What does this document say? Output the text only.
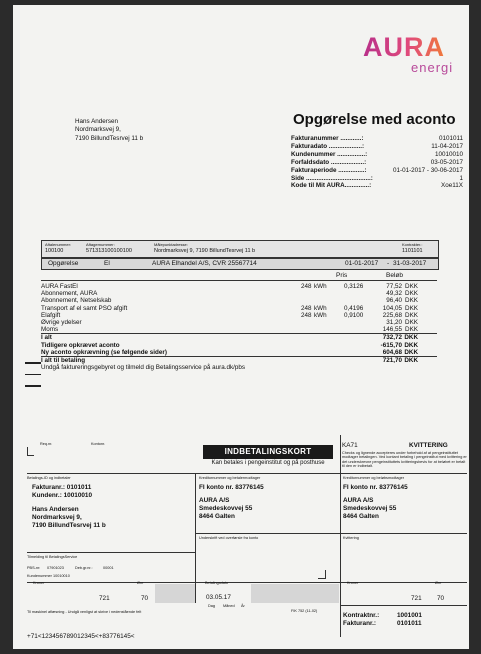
AURA
energi
Hans Andersen
Nordmarksvej 9,
7190 BillundTesrvej 11 b
Opgørelse med aconto
Fakturanummer ............:	0101011
Fakturadato ...................:	11-04-2017
Kundenummer ................:	10010010
Forfaldsdato ...................:	03-05-2017
Fakturaperiode ...............:	01-01-2017 - 30-06-2017
Side .....................................:	1
Kode til Mit AURA..............:	Xoe11X
Aftalenummer:	Aftagernummer:	Målepunktadresse:	Kontrakter.:
100100	571313100100100	Nordmarksvej 9, 7190 BillundTesrvej 11 b	1101101
Opgørelse	El	AURA Elhandel A/S, CVR 25567714	01-01-2017 - 31-03-2017
Pris	Beløb
AURA FastEl	248 kWh	0,3126	77,52 DKK
Abonnement, AURA	49,32 DKK
Abonnement, Netselskab	96,40 DKK
Transport af el samt PSO afgift	248 kWh	0,4196	104,05 DKK
Elafgift	248 kWh	0,9100	225,68 DKK
Øvrige ydelser	31,20 DKK
Moms	146,55 DKK
I alt	732,72 DKK
Tidligere opkrævet aconto	-615,70 DKK
Ny aconto opkrævning (se følgende sider)	604,68 DKK
I alt til betaling	721,70 DKK
Undgå faktureringsgebyret og tilmeld dig Betalingsservice på aura.dk/pbs
Req.nr.	Kontonr.
INDBETALINGSKORT
Kan betales i pengeinstitut og på posthuse
KA71	KVITTERING
Checks og lignende accepteres under forbehold af at pengeinstituttet modtager betalingen. Ved kontant betaling i pengeinstitut med kvittering er det underskrevne pengeinstituttets kvitteringsbevis for at beløbet er betalt til den er indbetalt.
Betalings-ID og indbetaler
Fakturanr.: 0101011
Kundenr.: 10010010
Hans Andersen
Nordmarksvej 9,
7190 BillundTesrvej 11 b
Kreditornummer og betalermodtager
FI konto nr. 83776145
AURA A/S
Smedeskovvej 55
8464 Galten
Underskrift ved overførsle fra konto
Kreditornummer og beløbsmodtager
FI konto nr. 83776145
AURA A/S
Smedeskovvej 55
8464 Galten
Kvittering
Tilmelding til BetalingsService
PBS-nr: 07901023	Deb.gr.nr.:	00001
Kundenummer 10010010
Kroner	Øre
721	70
Betalingsdato
03.05.17
Dag Måned År
FIK 752 (11-02)
Kroner	Øre
721 70
Til maskinel aflæsning - Undgå venligst at skrive i nedenstående felt	Kontraktnr.:	1001001
Fakturanr.:	0101011
+71<123456789012345<+83776145<
